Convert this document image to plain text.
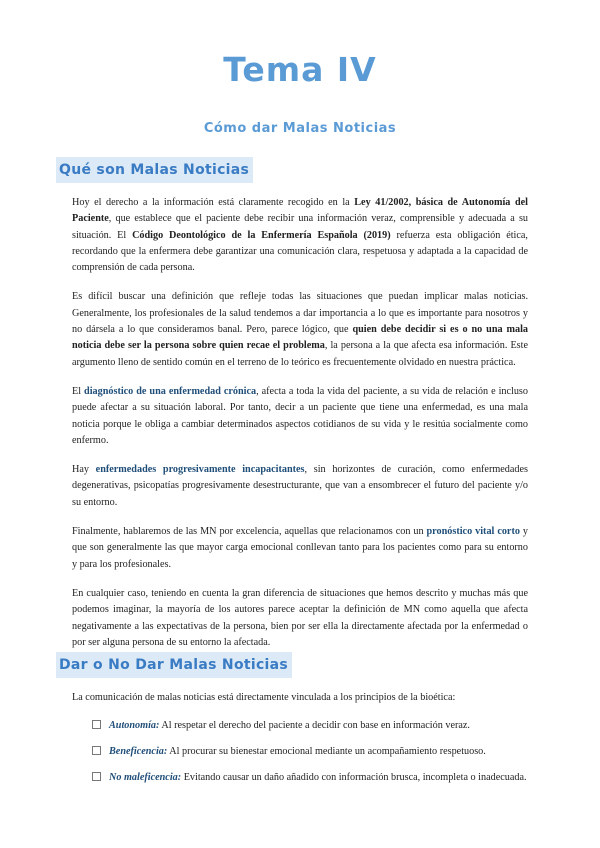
Tema IV
Cómo dar Malas Noticias
Qué son Malas Noticias

Hoy el derecho a la información está claramente recogido en la Ley 41/2002, básica de Autonomía del Paciente, que establece que el paciente debe recibir una información veraz, comprensible y adecuada a su situación. El Código Deontológico de la Enfermería Española (2019) refuerza esta obligación ética, recordando que la enfermera debe garantizar una comunicación clara, respetuosa y adaptada a la capacidad de comprensión de cada persona.

Es difícil buscar una definición que refleje todas las situaciones que puedan implicar malas noticias. Generalmente, los profesionales de la salud tendemos a dar importancia a lo que es importante para nosotros y no dársela a lo que consideramos banal. Pero, parece lógico, que quien debe decidir si es o no una mala noticia debe ser la persona sobre quien recae el problema, la persona a la que afecta esa información. Este argumento lleno de sentido común en el terreno de lo teórico es frecuentemente olvidado en nuestra práctica.

El diagnóstico de una enfermedad crónica, afecta a toda la vida del paciente, a su vida de relación e incluso puede afectar a su situación laboral. Por tanto, decir a un paciente que tiene una enfermedad, es una mala noticia porque le obliga a cambiar determinados aspectos cotidianos de su vida y le resitúa socialmente como enfermo.

Hay enfermedades progresivamente incapacitantes, sin horizontes de curación, como enfermedades degenerativas, psicopatías progresivamente desestructurante, que van a ensombrecer el futuro del paciente y/o su entorno.

Finalmente, hablaremos de las MN por excelencia, aquellas que relacionamos con un pronóstico vital corto y que son generalmente las que mayor carga emocional conllevan tanto para los pacientes como para su entorno y para los profesionales.

En cualquier caso, teniendo en cuenta la gran diferencia de situaciones que hemos descrito y muchas más que podemos imaginar, la mayoría de los autores parece aceptar la definición de MN como aquella que afecta negativamente a las expectativas de la persona, bien por ser ella la directamente afectada por la enfermedad o por ser alguna persona de su entorno la afectada.

Dar o No Dar Malas Noticias

La comunicación de malas noticias está directamente vinculada a los principios de la bioética:

Autonomía: Al respetar el derecho del paciente a decidir con base en información veraz.
Beneficencia: Al procurar su bienestar emocional mediante un acompañamiento respetuoso.
No maleficencia: Evitando causar un daño añadido con información brusca, incompleta o inadecuada.
